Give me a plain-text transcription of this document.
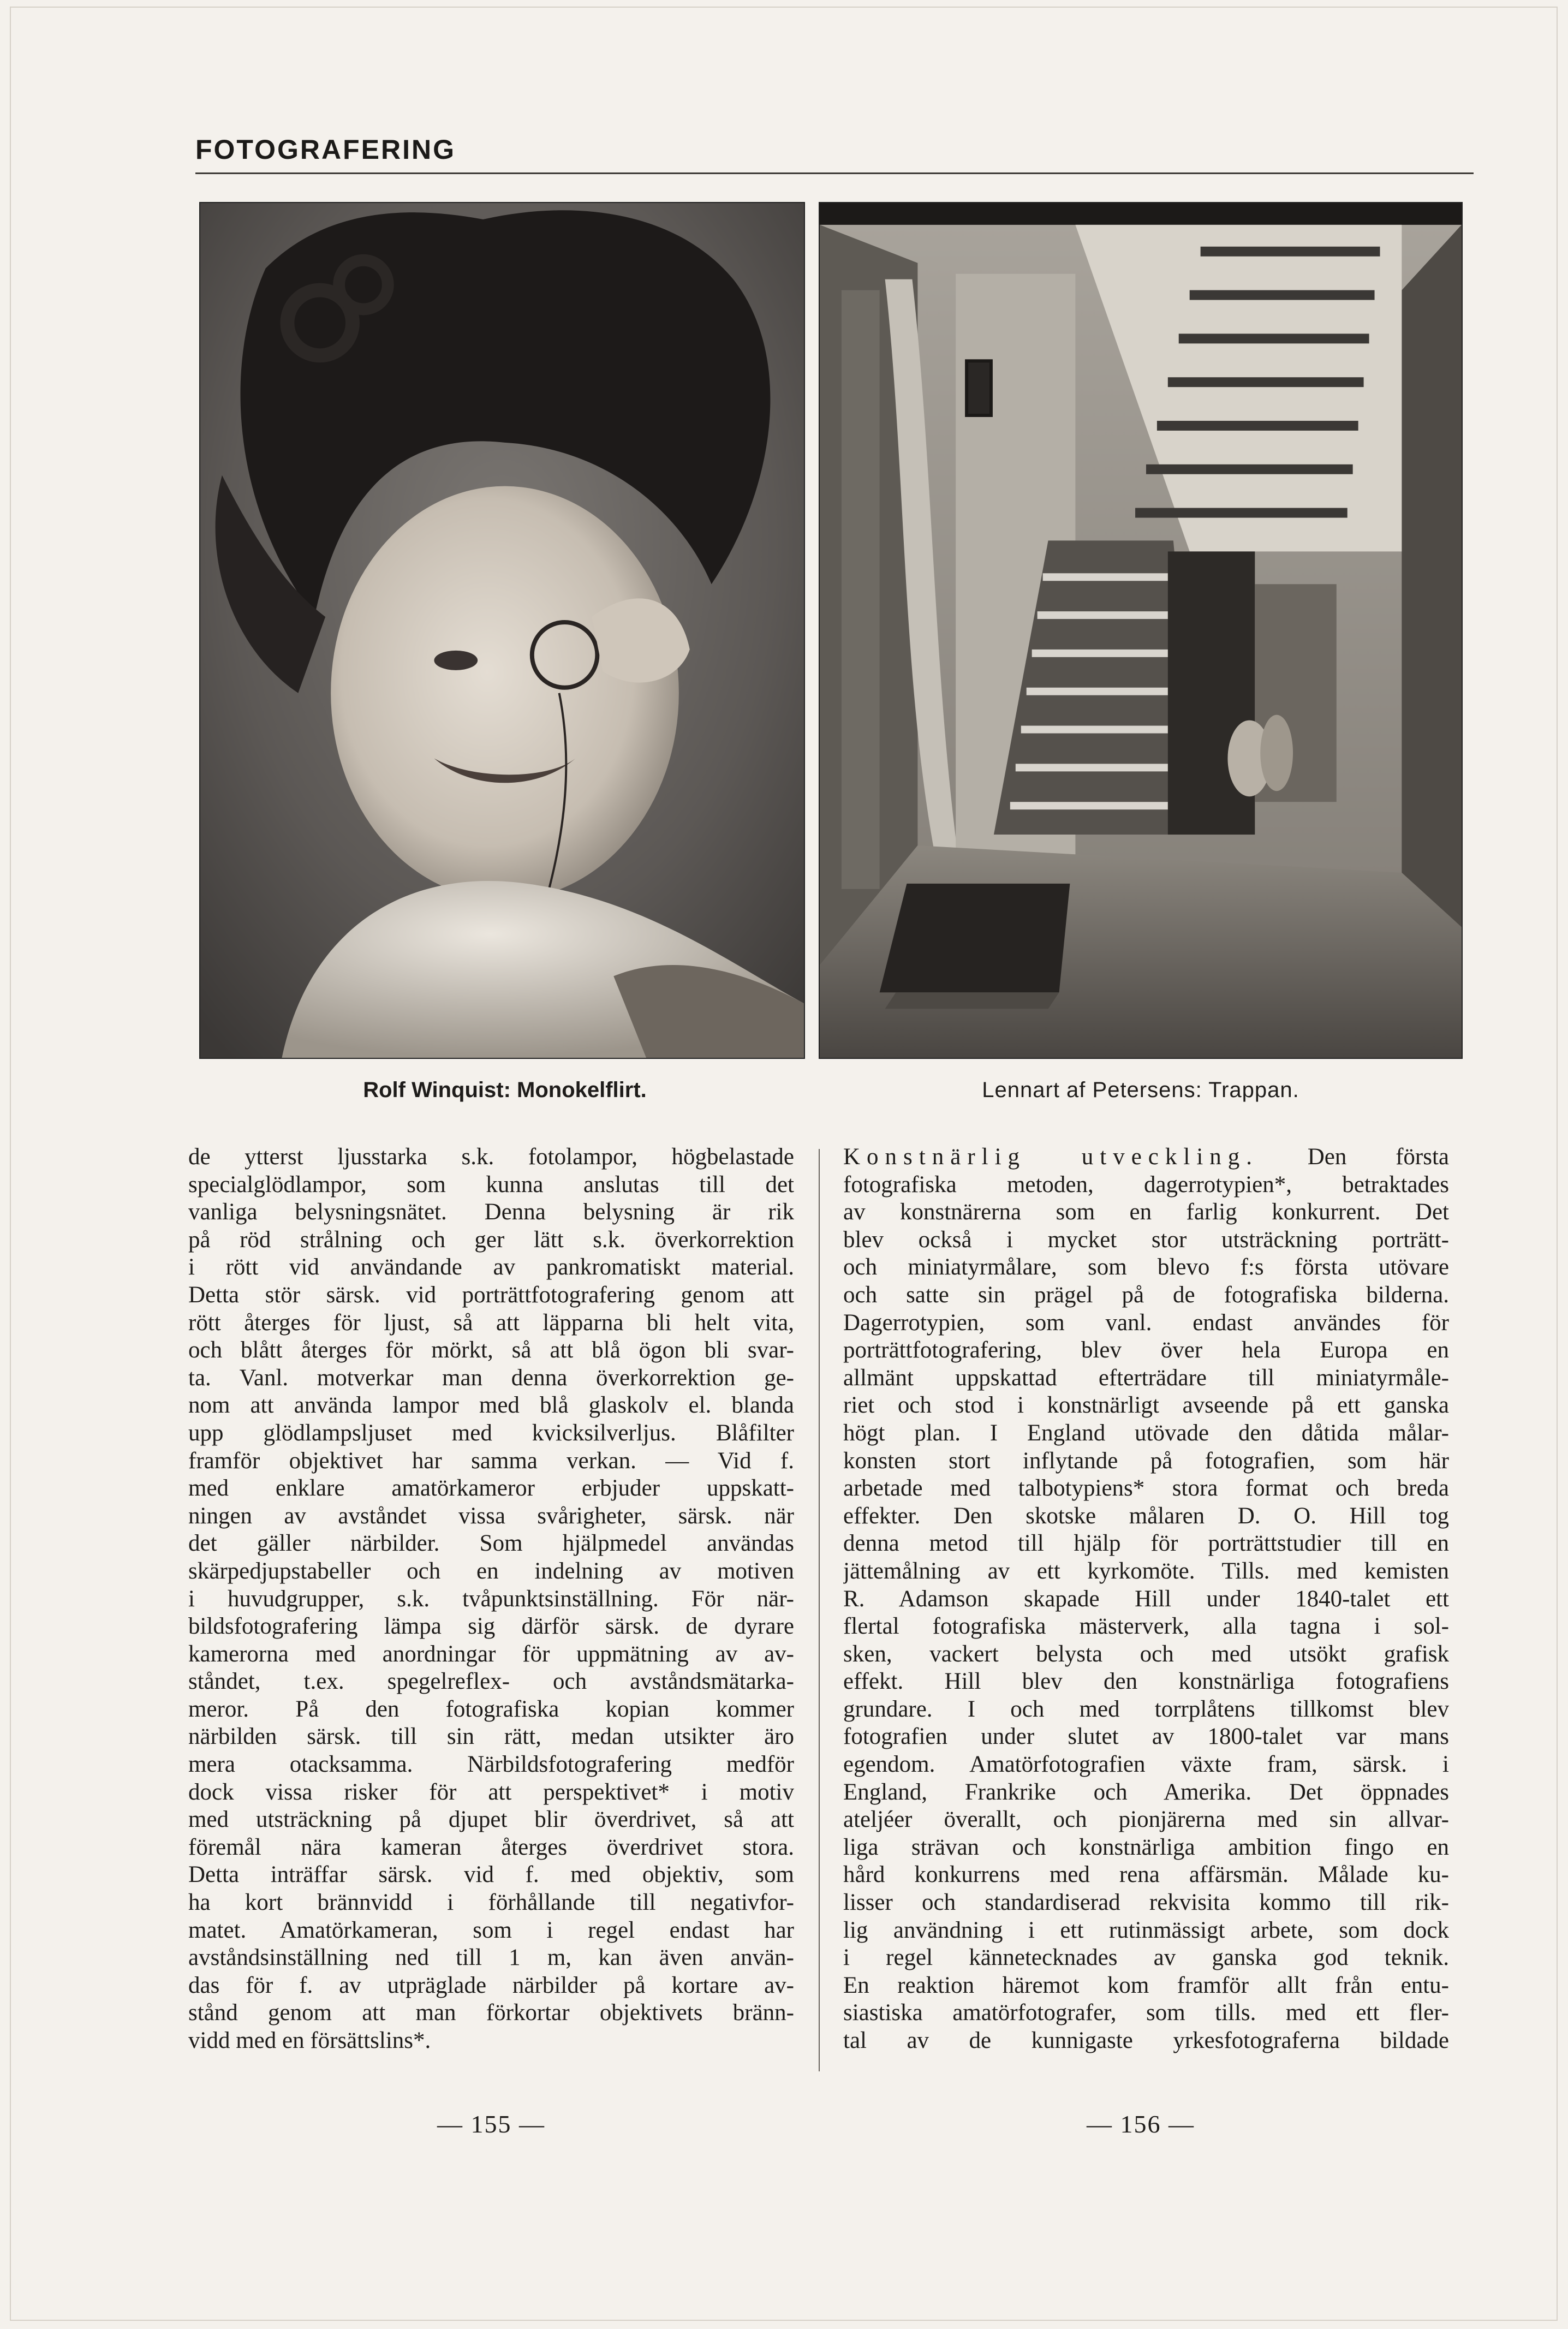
FOTOGRAFERING
Rolf Winquist: Monokelflirt.	Lennart af Petersens: Trappan.
de ytterst ljusstarka s.k. fotolampor, högbelastade
specialglödlampor, som kunna anslutas till det
vanliga belysningsnätet. Denna belysning är rik
på röd strålning och ger lätt s.k. överkorrektion
i rött vid användande av pankromatiskt material.
Detta stör särsk. vid porträttfotografering genom att
rött återges för ljust, så att läpparna bli helt vita,
och blått återges för mörkt, så att blå ögon bli svar-
ta. Vanl. motverkar man denna överkorrektion ge-
nom att använda lampor med blå glaskolv el. blanda
upp glödlampsljuset med kvicksilverljus. Blåfilter
framför objektivet har samma verkan. — Vid f.
med enklare amatörkameror erbjuder uppskatt-
ningen av avståndet vissa svårigheter, särsk. när
det gäller närbilder. Som hjälpmedel användas
skärpedjupstabeller och en indelning av motiven
i huvudgrupper, s.k. tvåpunktsinställning. För när-
bildsfotografering lämpa sig därför särsk. de dyrare
kamerorna med anordningar för uppmätning av av-
ståndet, t.ex. spegelreflex- och avståndsmätarka-
meror. På den fotografiska kopian kommer
närbilden särsk. till sin rätt, medan utsikter äro
mera otacksamma. Närbildsfotografering medför
dock vissa risker för att perspektivet* i motiv
med utsträckning på djupet blir överdrivet, så att
föremål nära kameran återges överdrivet stora.
Detta inträffar särsk. vid f. med objektiv, som
ha kort brännvidd i förhållande till negativfor-
matet. Amatörkameran, som i regel endast har
avståndsinställning ned till 1 m, kan även använ-
das för f. av utpräglade närbilder på kortare av-
stånd genom att man förkortar objektivets bränn-
vidd med en försättslins*.
Konstnärlig utveckling. Den första
fotografiska metoden, dagerrotypien*, betraktades
av konstnärerna som en farlig konkurrent. Det
blev också i mycket stor utsträckning porträtt-
och miniatyrmålare, som blevo f:s första utövare
och satte sin prägel på de fotografiska bilderna.
Dagerrotypien, som vanl. endast användes för
porträttfotografering, blev över hela Europa en
allmänt uppskattad efterträdare till miniatyrmåle-
riet och stod i konstnärligt avseende på ett ganska
högt plan. I England utövade den dåtida målar-
konsten stort inflytande på fotografien, som här
arbetade med talbotypiens* stora format och breda
effekter. Den skotske målaren D. O. Hill tog
denna metod till hjälp för porträttstudier till en
jättemålning av ett kyrkomöte. Tills. med kemisten
R. Adamson skapade Hill under 1840-talet ett
flertal fotografiska mästerverk, alla tagna i sol-
sken, vackert belysta och med utsökt grafisk
effekt. Hill blev den konstnärliga fotografiens
grundare. I och med torrplåtens tillkomst blev
fotografien under slutet av 1800-talet var mans
egendom. Amatörfotografien växte fram, särsk. i
England, Frankrike och Amerika. Det öppnades
ateljéer överallt, och pionjärerna med sin allvar-
liga strävan och konstnärliga ambition fingo en
hård konkurrens med rena affärsmän. Målade ku-
lisser och standardiserad rekvisita kommo till rik-
lig användning i ett rutinmässigt arbete, som dock
i regel kännetecknades av ganska god teknik.
En reaktion häremot kom framför allt från entu-
siastiska amatörfotografer, som tills. med ett fler-
tal av de kunnigaste yrkesfotograferna bildade
— 155 —	— 156 —
